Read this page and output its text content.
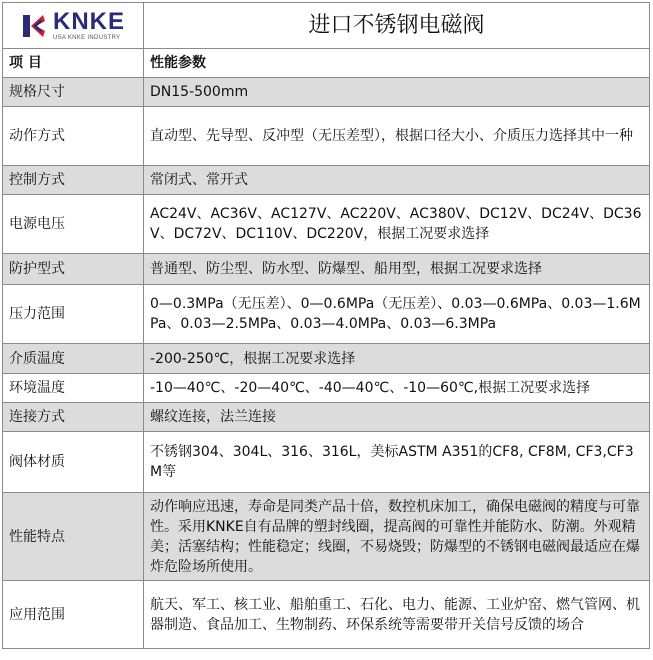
KNKE
USA KNKE INDUSTRY	进口不锈钢电磁阀
项 目	性能参数
规格尺寸	DN15-500mm
动作方式	直动型、先导型、反冲型（无压差型），根据口径大小、介质压力选择其中一种
控制方式	常闭式、常开式
电源电压	AC24V、AC36V、AC127V、AC220V、AC380V、DC12V、DC24V、DC36V、DC72V、DC110V、DC220V，根据工况要求选择
防护型式	普通型、防尘型、防水型、防爆型、船用型，根据工况要求选择
压力范围	0—0.3MPa（无压差）、0—0.6MPa（无压差）、0.03—0.6MPa、0.03—1.6MPa、0.03—2.5MPa、0.03—4.0MPa、0.03—6.3MPa
介质温度	-200-250℃，根据工况要求选择
环境温度	-10—40℃、-20—40℃、-40—40℃、-10—60℃,根据工况要求选择
连接方式	螺纹连接，法兰连接
阀体材质	不锈钢304、304L、316、316L，美标ASTM A351的CF8, CF8M, CF3,CF3M等
性能特点	动作响应迅速，寿命是同类产品十倍，数控机床加工，确保电磁阀的精度与可靠性。采用KNKE自有品牌的塑封线圈，提高阀的可靠性并能防水、防潮。外观精美；活塞结构；性能稳定；线圈，不易烧毁；防爆型的不锈钢电磁阀最适应在爆炸危险场所使用。
应用范围	航天、军工、核工业、船舶重工、石化、电力、能源、工业炉窑、燃气管网、机器制造、食品加工、生物制药、环保系统等需要带开关信号反馈的场合
